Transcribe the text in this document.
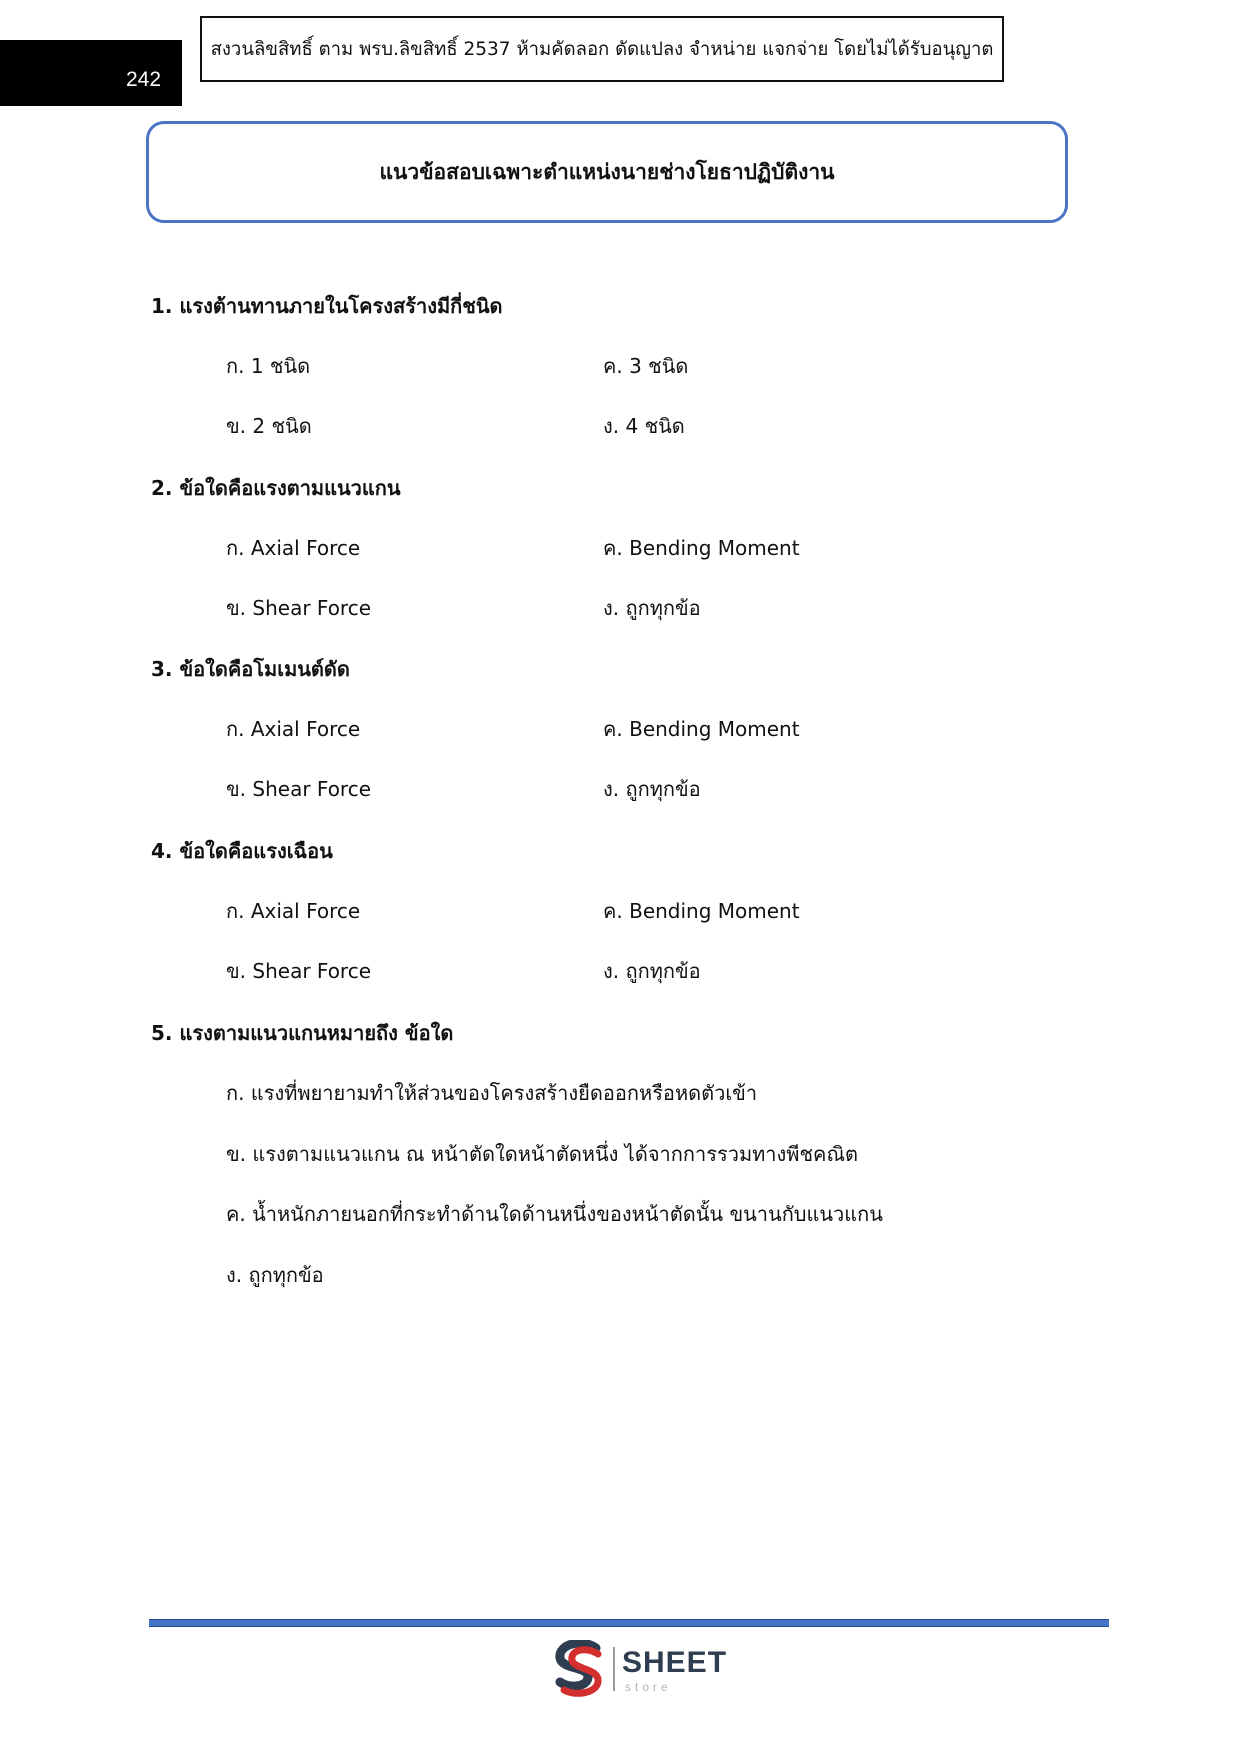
242
สงวนลิขสิทธิ์ ตาม พรบ.ลิขสิทธิ์ 2537 ห้ามคัดลอก ดัดแปลง จำหน่าย แจกจ่าย โดยไม่ได้รับอนุญาต
แนวข้อสอบเฉพาะตำแหน่งนายช่างโยธาปฏิบัติงาน
1. แรงต้านทานภายในโครงสร้างมีกี่ชนิด
ก. 1 ชนิด
ข. 2 ชนิด
ค. 3 ชนิด
ง. 4 ชนิด
2. ข้อใดคือแรงตามแนวแกน
ก. Axial Force
ข. Shear Force
ค. Bending Moment
ง. ถูกทุกข้อ
3. ข้อใดคือโมเมนต์ดัด
ก. Axial Force
ข. Shear Force
ค. Bending Moment
ง. ถูกทุกข้อ
4. ข้อใดคือแรงเฉือน
ก. Axial Force
ข. Shear Force
ค. Bending Moment
ง. ถูกทุกข้อ
5. แรงตามแนวแกนหมายถึง ข้อใด
ก. แรงที่พยายามทำให้ส่วนของโครงสร้างยืดออกหรือหดตัวเข้า
ข. แรงตามแนวแกน ณ หน้าตัดใดหน้าตัดหนึ่ง ได้จากการรวมทางพีชคณิต
ค. น้ำหนักภายนอกที่กระทำด้านใดด้านหนึ่งของหน้าตัดนั้น ขนานกับแนวแกน
ง. ถูกทุกข้อ
SHEET
store
